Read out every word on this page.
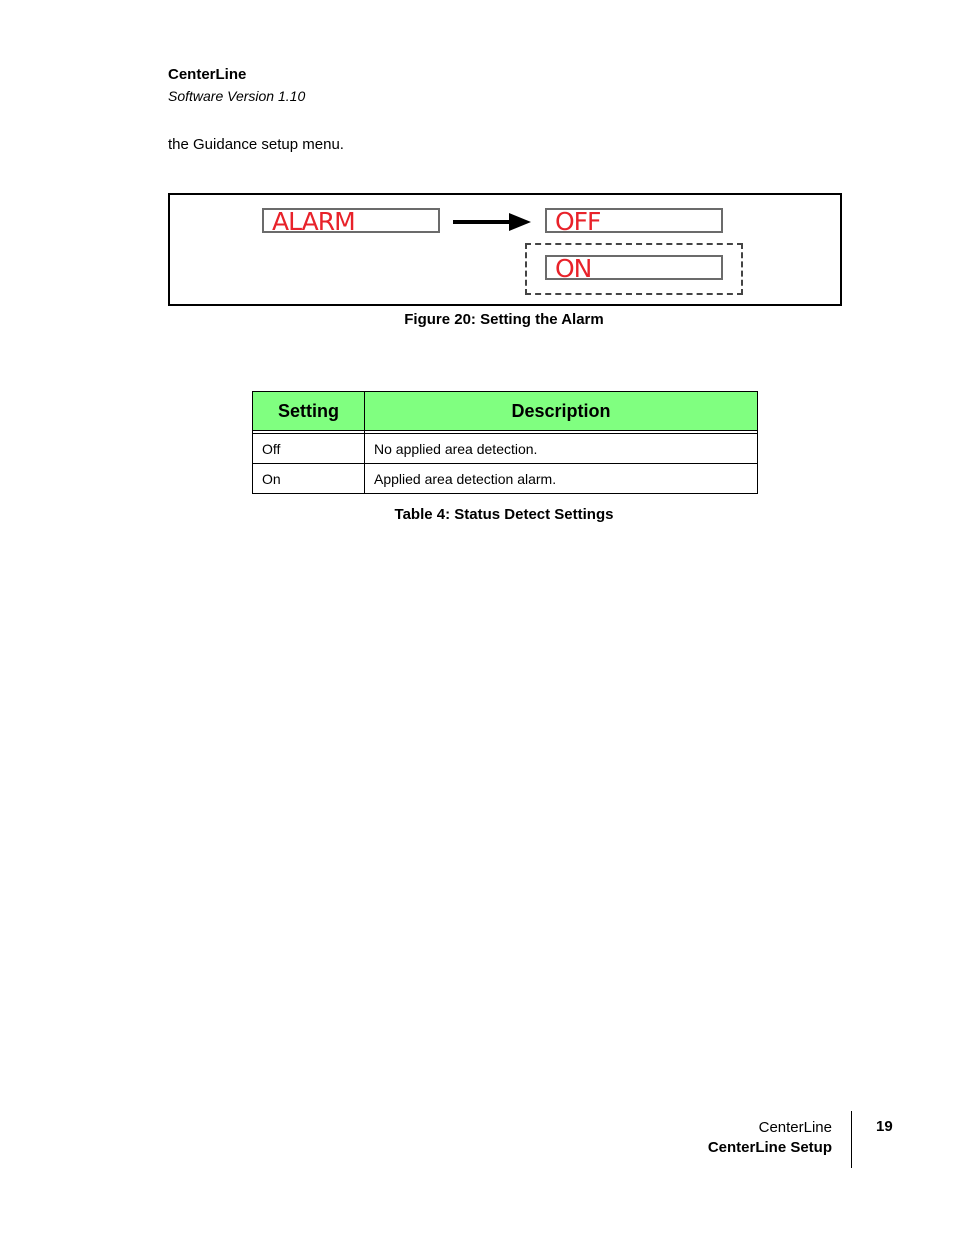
CenterLine
Software Version 1.10
the Guidance setup menu.
ALARM	OFF
ON
Figure 20: Setting the Alarm
Setting	Description

Off	No applied area detection.
On	Applied area detection alarm.
Table 4: Status Detect Settings
CenterLine
CenterLine Setup
19
